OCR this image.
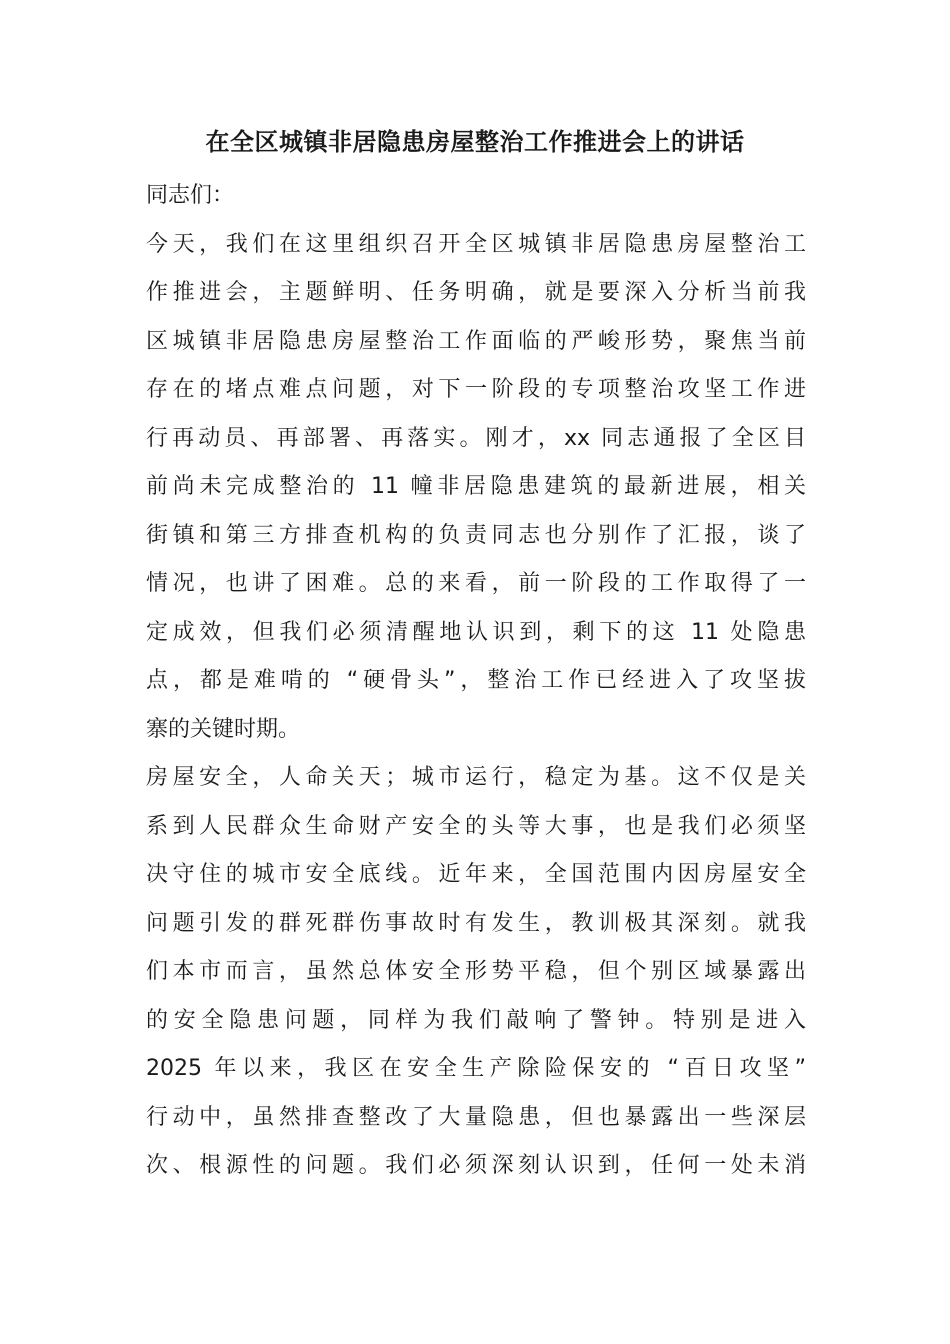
在全区城镇非居隐患房屋整治工作推进会上的讲话
同志们：
今天，我们在这里组织召开全区城镇非居隐患房屋整治工
作推进会，主题鲜明、任务明确，就是要深入分析当前我
区城镇非居隐患房屋整治工作面临的严峻形势，聚焦当前
存在的堵点难点问题，对下一阶段的专项整治攻坚工作进
行再动员、再部署、再落实。刚才，xx 同志通报了全区目
前尚未完成整治的 11 幢非居隐患建筑的最新进展，相关
街镇和第三方排查机构的负责同志也分别作了汇报，谈了
情况，也讲了困难。总的来看，前一阶段的工作取得了一
定成效，但我们必须清醒地认识到，剩下的这 11 处隐患
点，都是难啃的 “硬骨头”，整治工作已经进入了攻坚拔
寨的关键时期。
房屋安全，人命关天；城市运行，稳定为基。这不仅是关
系到人民群众生命财产安全的头等大事，也是我们必须坚
决守住的城市安全底线。近年来，全国范围内因房屋安全
问题引发的群死群伤事故时有发生，教训极其深刻。就我
们本市而言，虽然总体安全形势平稳，但个别区域暴露出
的安全隐患问题，同样为我们敲响了警钟。特别是进入
2025 年以来，我区在安全生产除险保安的 “百日攻坚”
行动中，虽然排查整改了大量隐患，但也暴露出一些深层
次、根源性的问题。我们必须深刻认识到，任何一处未消
